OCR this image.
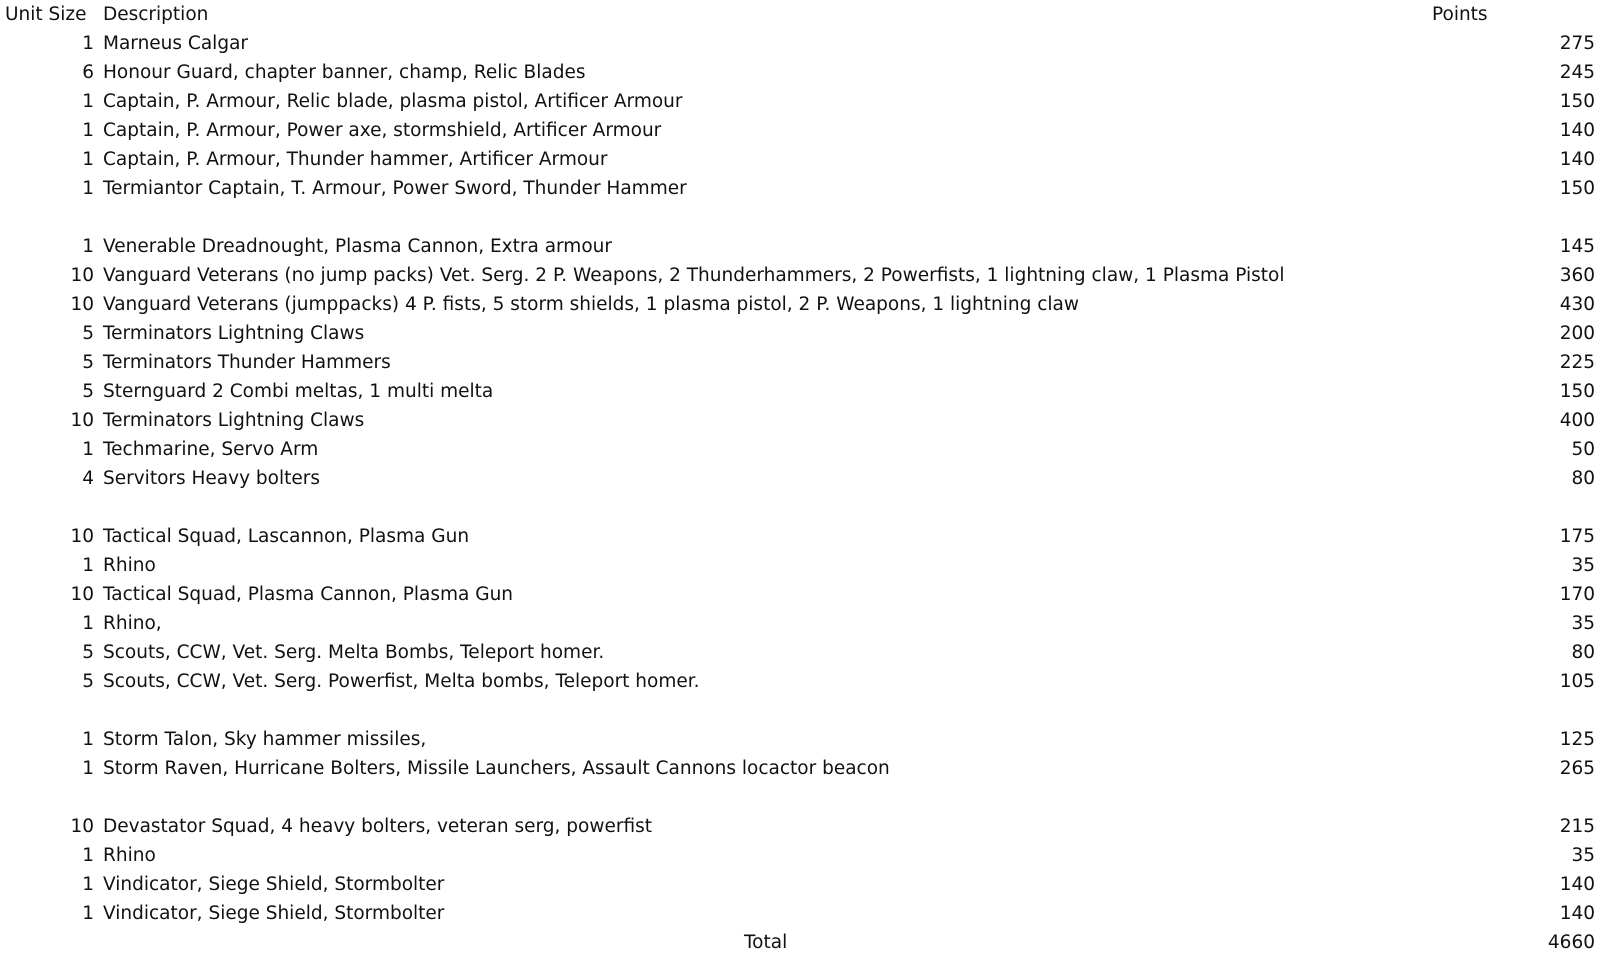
Unit Size Description	Points
1 Marneus Calgar	275
6 Honour Guard, chapter banner, champ, Relic Blades	245
1 Captain, P. Armour, Relic blade, plasma pistol, Artificer Armour	150
1 Captain, P. Armour, Power axe, stormshield, Artificer Armour	140
1 Captain, P. Armour, Thunder hammer, Artificer Armour	140
1 Termiantor Captain, T. Armour, Power Sword, Thunder Hammer	150
1 Venerable Dreadnought, Plasma Cannon, Extra armour	145
10 Vanguard Veterans (no jump packs) Vet. Serg. 2 P. Weapons, 2 Thunderhammers, 2 Powerfists, 1 lightning claw, 1 Plasma Pistol	360
10 Vanguard Veterans (jumppacks) 4 P. fists, 5 storm shields, 1 plasma pistol, 2 P. Weapons, 1 lightning claw	430
5 Terminators Lightning Claws	200
5 Terminators Thunder Hammers	225
5 Sternguard 2 Combi meltas, 1 multi melta	150
10 Terminators Lightning Claws	400
1 Techmarine, Servo Arm	50
4 Servitors Heavy bolters	80
10 Tactical Squad, Lascannon, Plasma Gun	175
1 Rhino	35
10 Tactical Squad, Plasma Cannon, Plasma Gun	170
1 Rhino,	35
5 Scouts, CCW, Vet. Serg. Melta Bombs, Teleport homer.	80
5 Scouts, CCW, Vet. Serg. Powerfist, Melta bombs, Teleport homer.	105
1 Storm Talon, Sky hammer missiles,	125
1 Storm Raven, Hurricane Bolters, Missile Launchers, Assault Cannons locactor beacon	265
10 Devastator Squad, 4 heavy bolters, veteran serg, powerfist	215
1 Rhino	35
1 Vindicator, Siege Shield, Stormbolter	140
1 Vindicator, Siege Shield, Stormbolter	140
Total	4660
